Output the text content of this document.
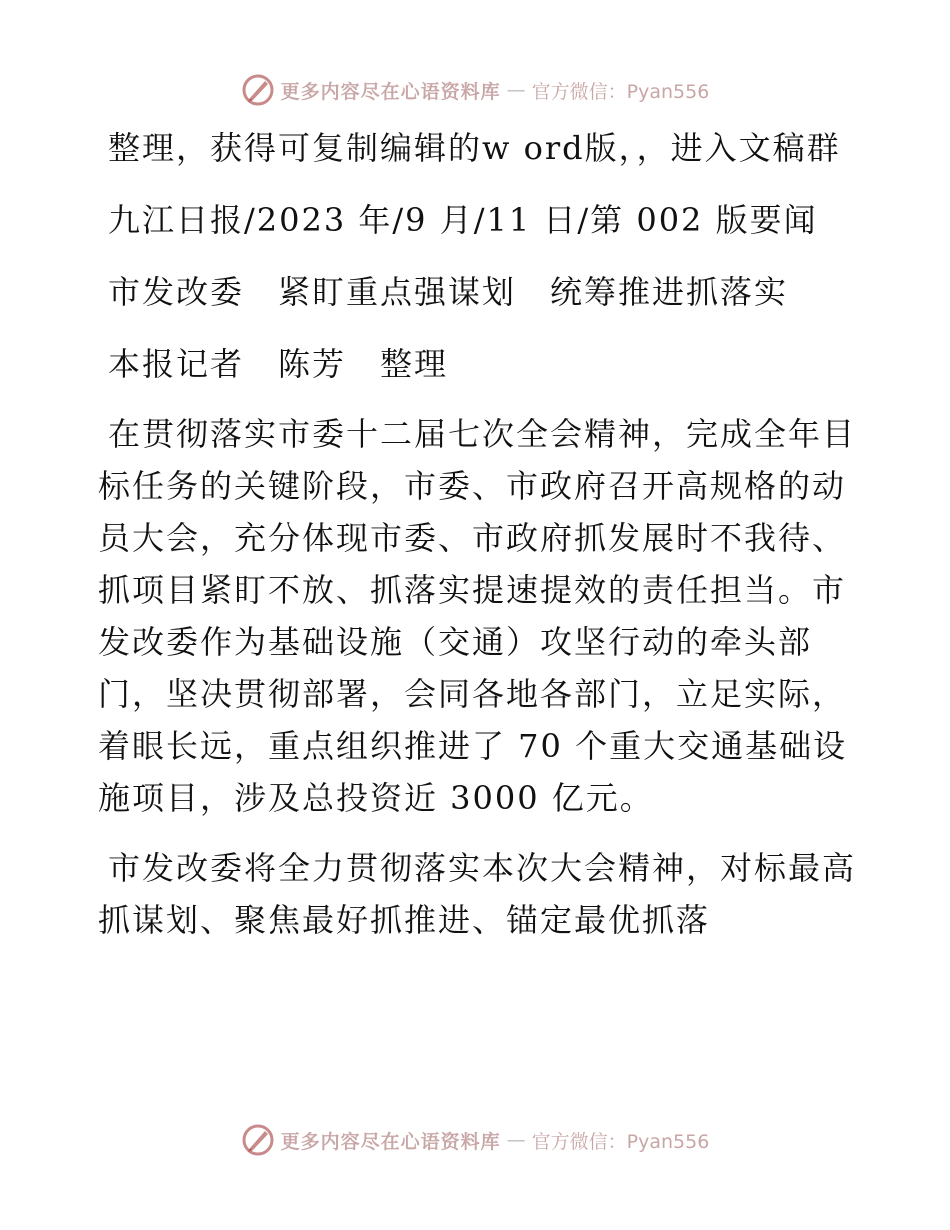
更多内容尽在心语资料库 — 官方微信：Pyan556

整理，获得可复制编辑的w ord版，，进入文稿群

九江日报/2023 年/9 月/11 日/第 002 版要闻

市发改委　紧盯重点强谋划　统筹推进抓落实

本报记者　陈芳　整理

在贯彻落实市委十二届七次全会精神，完成全年目标任务的关键阶段，市委、市政府召开高规格的动员大会，充分体现市委、市政府抓发展时不我待、抓项目紧盯不放、抓落实提速提效的责任担当。市发改委作为基础设施（交通）攻坚行动的牵头部门，坚决贯彻部署，会同各地各部门，立足实际，着眼长远，重点组织推进了 70 个重大交通基础设施项目，涉及总投资近 3000 亿元。

市发改委将全力贯彻落实本次大会精神，对标最高抓谋划、聚焦最好抓推进、锚定最优抓落

更多内容尽在心语资料库 — 官方微信：Pyan556
